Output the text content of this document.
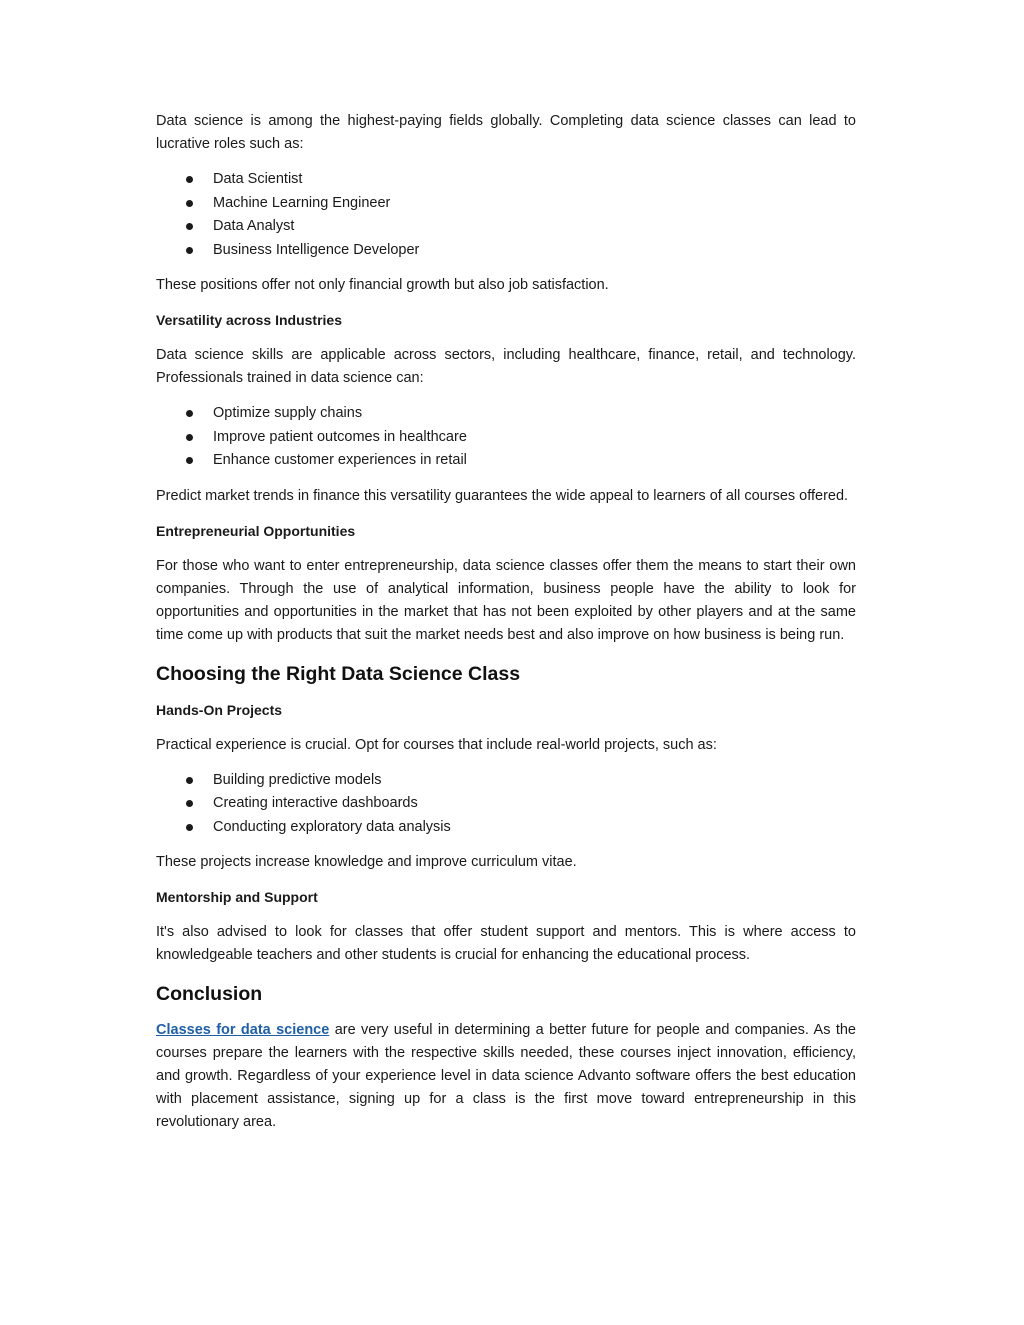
Data science is among the highest-paying fields globally. Completing data science classes can lead to lucrative roles such as:

Data Scientist
Machine Learning Engineer
Data Analyst
Business Intelligence Developer

These positions offer not only financial growth but also job satisfaction.

Versatility across Industries

Data science skills are applicable across sectors, including healthcare, finance, retail, and technology. Professionals trained in data science can:

Optimize supply chains
Improve patient outcomes in healthcare
Enhance customer experiences in retail

Predict market trends in finance this versatility guarantees the wide appeal to learners of all courses offered.

Entrepreneurial Opportunities

For those who want to enter entrepreneurship, data science classes offer them the means to start their own companies. Through the use of analytical information, business people have the ability to look for opportunities and opportunities in the market that has not been exploited by other players and at the same time come up with products that suit the market needs best and also improve on how business is being run.

Choosing the Right Data Science Class

Hands-On Projects

Practical experience is crucial. Opt for courses that include real-world projects, such as:

Building predictive models
Creating interactive dashboards
Conducting exploratory data analysis

These projects increase knowledge and improve curriculum vitae.

Mentorship and Support

It's also advised to look for classes that offer student support and mentors. This is where access to knowledgeable teachers and other students is crucial for enhancing the educational process.

Conclusion

Classes for data science are very useful in determining a better future for people and companies. As the courses prepare the learners with the respective skills needed, these courses inject innovation, efficiency, and growth. Regardless of your experience level in data science Advanto software offers the best education with placement assistance, signing up for a class is the first move toward entrepreneurship in this revolutionary area.
